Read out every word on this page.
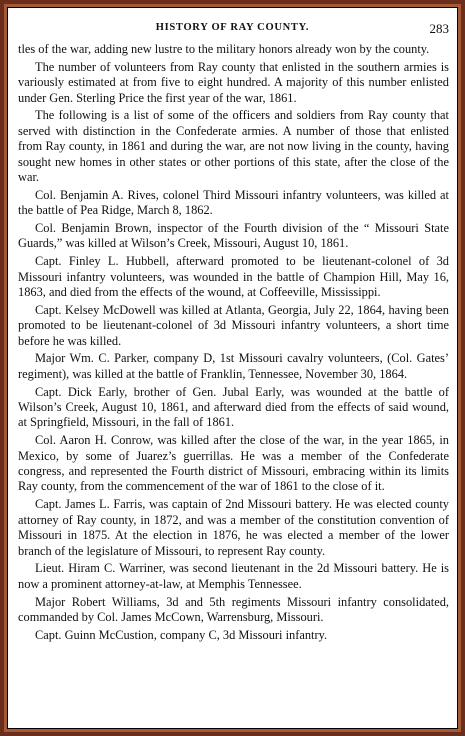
HISTORY OF RAY COUNTY.	283

tles of the war, adding new lustre to the military honors already won by the county.

The number of volunteers from Ray county that enlisted in the southern armies is variously estimated at from five to eight hundred. A majority of this number enlisted under Gen. Sterling Price the first year of the war, 1861.

The following is a list of some of the officers and soldiers from Ray county that served with distinction in the Confederate armies. A number of those that enlisted from Ray county, in 1861 and during the war, are not now living in the county, having sought new homes in other states or other portions of this state, after the close of the war.

Col. Benjamin A. Rives, colonel Third Missouri infantry volunteers, was killed at the battle of Pea Ridge, March 8, 1862.

Col. Benjamin Brown, inspector of the Fourth division of the “ Missouri State Guards,” was killed at Wilson’s Creek, Missouri, August 10, 1861.

Capt. Finley L. Hubbell, afterward promoted to be lieutenant-colonel of 3d Missouri infantry volunteers, was wounded in the battle of Champion Hill, May 16, 1863, and died from the effects of the wound, at Coffeeville, Mississippi.

Capt. Kelsey McDowell was killed at Atlanta, Georgia, July 22, 1864, having been promoted to be lieutenant-colonel of 3d Missouri infantry volunteers, a short time before he was killed.

Major Wm. C. Parker, company D, 1st Missouri cavalry volunteers, (Col. Gates’ regiment), was killed at the battle of Franklin, Tennessee, November 30, 1864.

Capt. Dick Early, brother of Gen. Jubal Early, was wounded at the battle of Wilson’s Creek, August 10, 1861, and afterward died from the effects of said wound, at Springfield, Missouri, in the fall of 1861.

Col. Aaron H. Conrow, was killed after the close of the war, in the year 1865, in Mexico, by some of Juarez’s guerrillas. He was a member of the Confederate congress, and represented the Fourth district of Missouri, embracing within its limits Ray county, from the commencement of the war of 1861 to the close of it.

Capt. James L. Farris, was captain of 2nd Missouri battery. He was elected county attorney of Ray county, in 1872, and was a member of the constitution convention of Missouri in 1875. At the election in 1876, he was elected a member of the lower branch of the legislature of Missouri, to represent Ray county.

Lieut. Hiram C. Warriner, was second lieutenant in the 2d Missouri battery. He is now a prominent attorney-at-law, at Memphis Tennessee.

Major Robert Williams, 3d and 5th regiments Missouri infantry consolidated, commanded by Col. James McCown, Warrensburg, Missouri.

Capt. Guinn McCustion, company C, 3d Missouri infantry.
